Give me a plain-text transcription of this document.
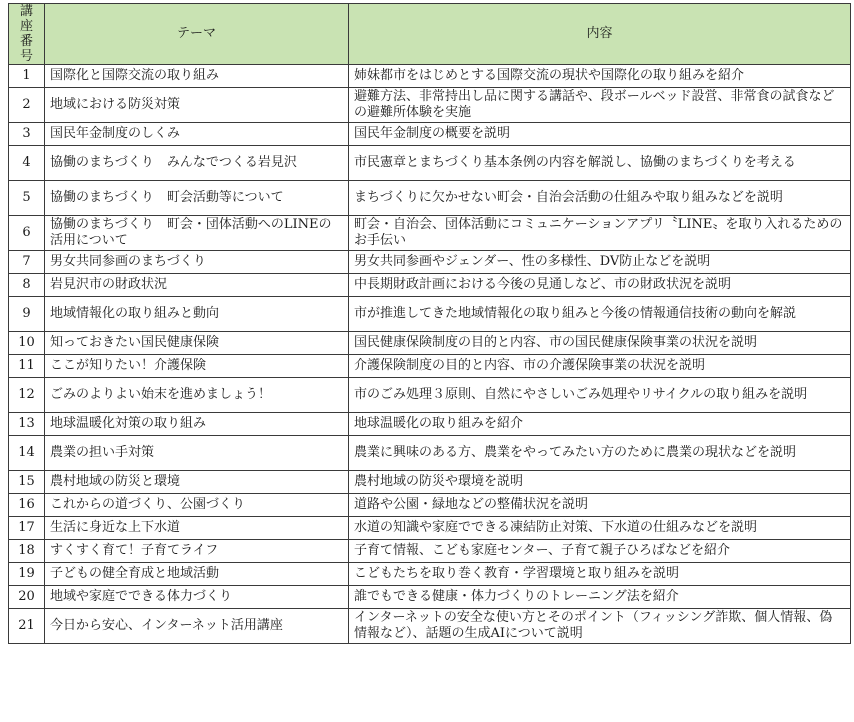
講座
番号	テーマ	内容
1	国際化と国際交流の取り組み	姉妹都市をはじめとする国際交流の現状や国際化の取り組みを紹介
2	地域における防災対策	避難方法、非常持出し品に関する講話や、段ボールベッド設営、非常食の試食などの避難所体験を実施
3	国民年金制度のしくみ	国民年金制度の概要を説明
4	協働のまちづくり　みんなでつくる岩見沢	市民憲章とまちづくり基本条例の内容を解説し、協働のまちづくりを考える
5	協働のまちづくり　町会活動等について	まちづくりに欠かせない町会・自治会活動の仕組みや取り組みなどを説明
6	協働のまちづくり　町会・団体活動へのLINEの活用について	町会・自治会、団体活動にコミュニケーションアプリ〝LINE〟を取り入れるためのお手伝い
7	男女共同参画のまちづくり	男女共同参画やジェンダー、性の多様性、DV防止などを説明
8	岩見沢市の財政状況	中長期財政計画における今後の見通しなど、市の財政状況を説明
9	地域情報化の取り組みと動向	市が推進してきた地域情報化の取り組みと今後の情報通信技術の動向を解説
10	知っておきたい国民健康保険	国民健康保険制度の目的と内容、市の国民健康保険事業の状況を説明
11	ここが知りたい！介護保険	介護保険制度の目的と内容、市の介護保険事業の状況を説明
12	ごみのよりよい始末を進めましょう！	市のごみ処理３原則、自然にやさしいごみ処理やリサイクルの取り組みを説明
13	地球温暖化対策の取り組み	地球温暖化の取り組みを紹介
14	農業の担い手対策	農業に興味のある方、農業をやってみたい方のために農業の現状などを説明
15	農村地域の防災と環境	農村地域の防災や環境を説明
16	これからの道づくり、公園づくり	道路や公園・緑地などの整備状況を説明
17	生活に身近な上下水道	水道の知識や家庭でできる凍結防止対策、下水道の仕組みなどを説明
18	すくすく育て！子育てライフ	子育て情報、こども家庭センター、子育て親子ひろばなどを紹介
19	子どもの健全育成と地域活動	こどもたちを取り巻く教育・学習環境と取り組みを説明
20	地域や家庭でできる体力づくり	誰でもできる健康・体力づくりのトレーニング法を紹介
21	今日から安心、インターネット活用講座	インターネットの安全な使い方とそのポイント（フィッシング詐欺、個人情報、偽情報など）、話題の生成AIについて説明
